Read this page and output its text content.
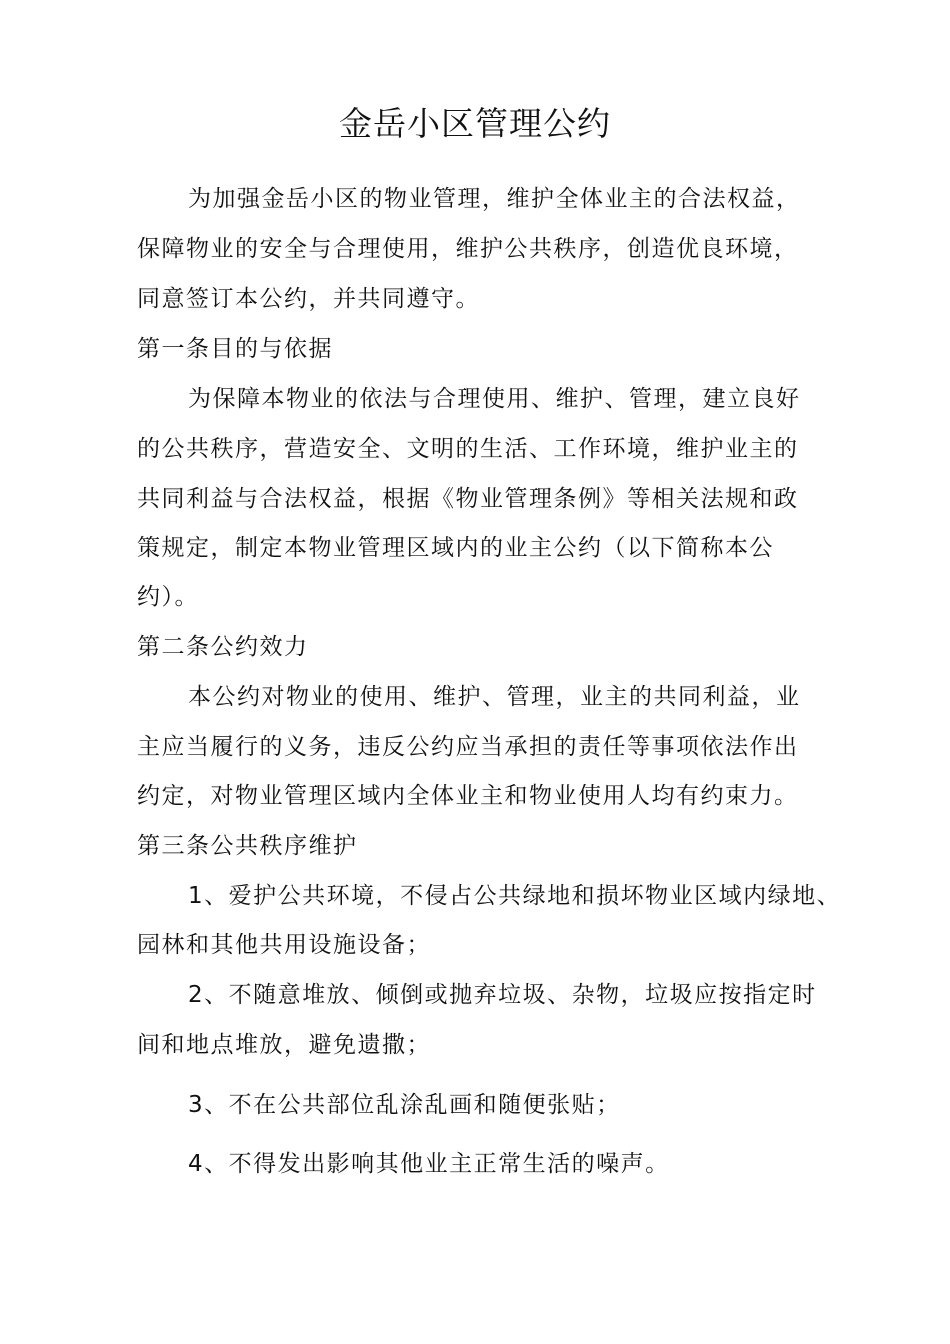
金岳小区管理公约
为加强金岳小区的物业管理，维护全体业主的合法权益，
保障物业的安全与合理使用，维护公共秩序，创造优良环境，
同意签订本公约，并共同遵守。
第一条目的与依据
为保障本物业的依法与合理使用、维护、管理，建立良好
的公共秩序，营造安全、文明的生活、工作环境，维护业主的
共同利益与合法权益，根据《物业管理条例》等相关法规和政
策规定，制定本物业管理区域内的业主公约（以下简称本公
约）。
第二条公约效力
本公约对物业的使用、维护、管理，业主的共同利益，业
主应当履行的义务，违反公约应当承担的责任等事项依法作出
约定，对物业管理区域内全体业主和物业使用人均有约束力。
第三条公共秩序维护
1、爱护公共环境，不侵占公共绿地和损坏物业区域内绿地、
园林和其他共用设施设备；
2、不随意堆放、倾倒或抛弃垃圾、杂物，垃圾应按指定时
间和地点堆放，避免遗撒；
3、不在公共部位乱涂乱画和随便张贴；
4、不得发出影响其他业主正常生活的噪声。
